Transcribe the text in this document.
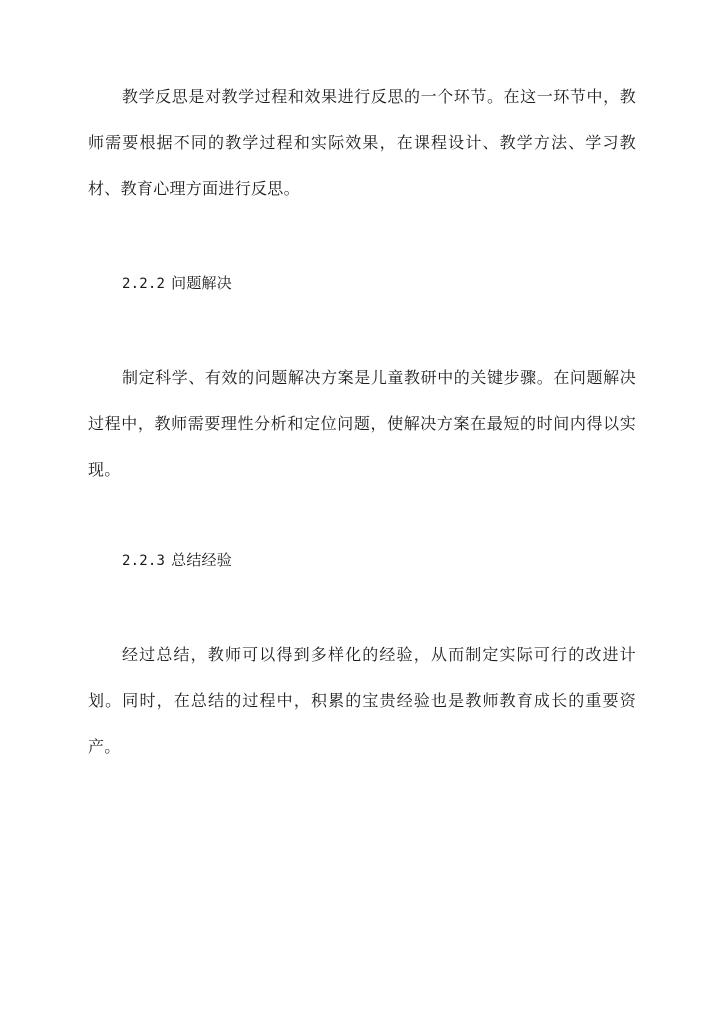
教学反思是对教学过程和效果进行反思的一个环节。在这一环节中，教师需要根据不同的教学过程和实际效果，在课程设计、教学方法、学习教材、教育心理方面进行反思。

2.2.2 问题解决

制定科学、有效的问题解决方案是儿童教研中的关键步骤。在问题解决过程中，教师需要理性分析和定位问题，使解决方案在最短的时间内得以实现。

2.2.3 总结经验

经过总结，教师可以得到多样化的经验，从而制定实际可行的改进计划。同时，在总结的过程中，积累的宝贵经验也是教师教育成长的重要资产。
